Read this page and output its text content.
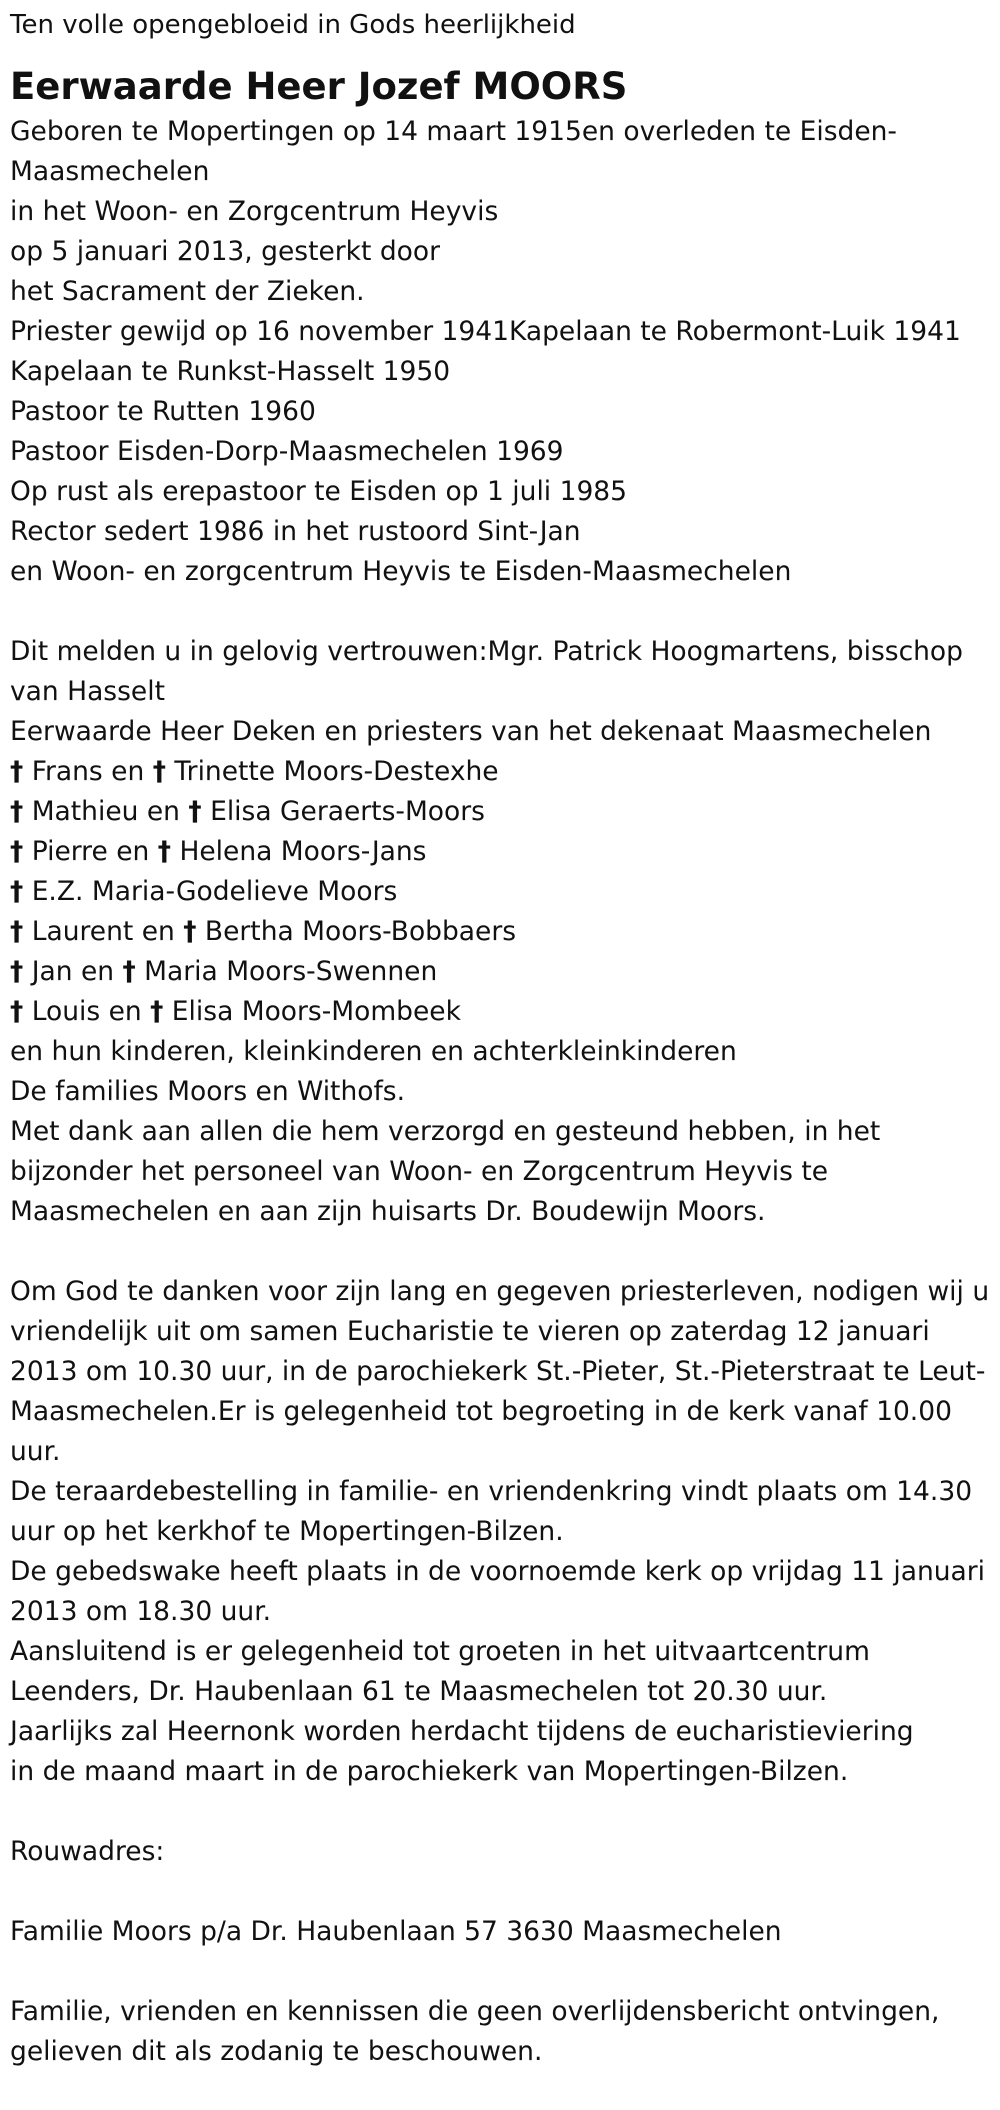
Ten volle opengebloeid in Gods heerlijkheid
Eerwaarde Heer Jozef MOORS
Geboren te Mopertingen op 14 maart 1915en overleden te Eisden-Maasmechelen
in het Woon- en Zorgcentrum Heyvis
op 5 januari 2013, gesterkt door
het Sacrament der Zieken.
Priester gewijd op 16 november 1941Kapelaan te Robermont-Luik 1941
Kapelaan te Runkst-Hasselt 1950
Pastoor te Rutten 1960
Pastoor Eisden-Dorp-Maasmechelen 1969
Op rust als erepastoor te Eisden op 1 juli 1985
Rector sedert 1986 in het rustoord Sint-Jan
en Woon- en zorgcentrum Heyvis te Eisden-Maasmechelen
Dit melden u in gelovig vertrouwen:Mgr. Patrick Hoogmartens, bisschop van Hasselt
Eerwaarde Heer Deken en priesters van het dekenaat Maasmechelen
† Frans en † Trinette Moors-Destexhe
† Mathieu en † Elisa Geraerts-Moors
† Pierre en † Helena Moors-Jans
† E.Z. Maria-Godelieve Moors
† Laurent en † Bertha Moors-Bobbaers
† Jan en † Maria Moors-Swennen
† Louis en † Elisa Moors-Mombeek
en hun kinderen, kleinkinderen en achterkleinkinderen
De families Moors en Withofs.
Met dank aan allen die hem verzorgd en gesteund hebben, in het bijzonder het personeel van Woon- en Zorgcentrum Heyvis te Maasmechelen en aan zijn huisarts Dr. Boudewijn Moors.
Om God te danken voor zijn lang en gegeven priesterleven, nodigen wij u vriendelijk uit om samen Eucharistie te vieren op zaterdag 12 januari 2013 om 10.30 uur, in de parochiekerk St.-Pieter, St.-Pieterstraat te Leut-Maasmechelen.Er is gelegenheid tot begroeting in de kerk vanaf 10.00 uur.
De teraardebestelling in familie- en vriendenkring vindt plaats om 14.30 uur op het kerkhof te Mopertingen-Bilzen.
De gebedswake heeft plaats in de voornoemde kerk op vrijdag 11 januari 2013 om 18.30 uur.
Aansluitend is er gelegenheid tot groeten in het uitvaartcentrum Leenders, Dr. Haubenlaan 61 te Maasmechelen tot 20.30 uur.
Jaarlijks zal Heernonk worden herdacht tijdens de eucharistieviering
in de maand maart in de parochiekerk van Mopertingen-Bilzen.
Rouwadres:
Familie Moors p/a Dr. Haubenlaan 57 3630 Maasmechelen
Familie, vrienden en kennissen die geen overlijdensbericht ontvingen, gelieven dit als zodanig te beschouwen.
